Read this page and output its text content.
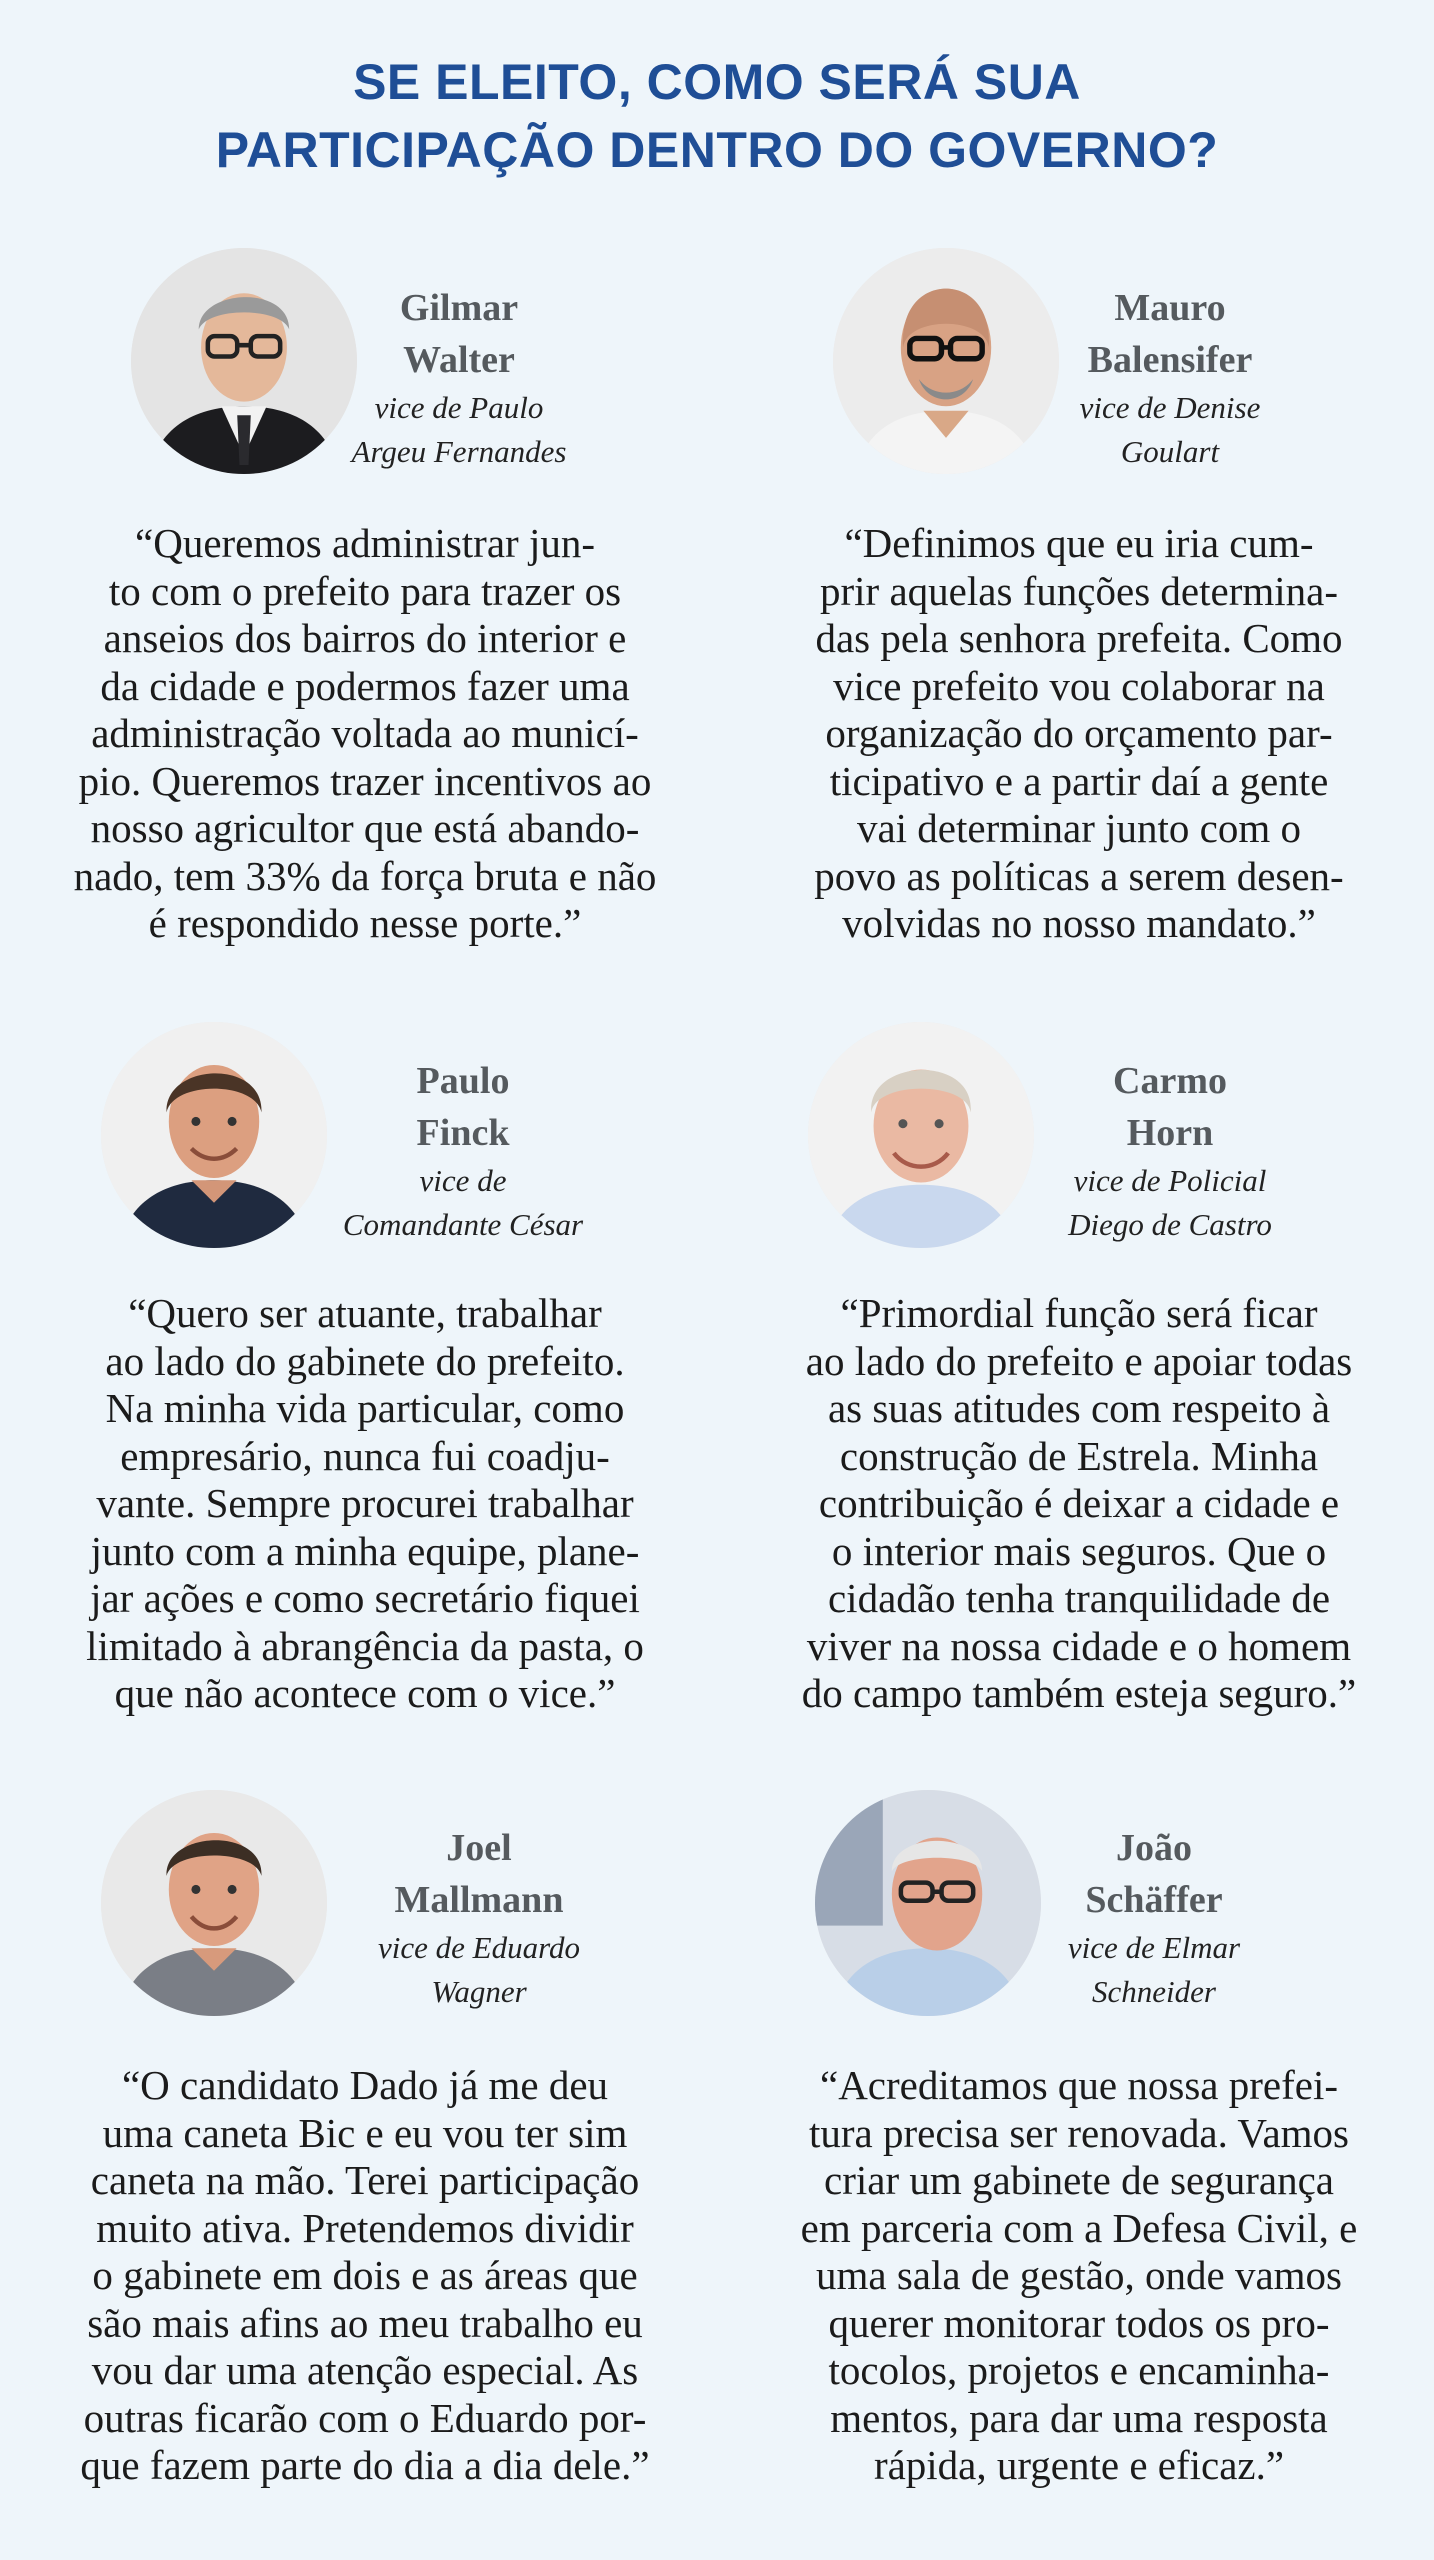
SE ELEITO, COMO SERÁ SUA
PARTICIPAÇÃO DENTRO DO GOVERNO?
Gilmar
Walter
vice de Paulo
Argeu Fernandes
“Queremos administrar jun-
to com o prefeito para trazer os
anseios dos bairros do interior e
da cidade e podermos fazer uma
administração voltada ao municí-
pio. Queremos trazer incentivos ao
nosso agricultor que está abando-
nado, tem 33% da força bruta e não
é respondido nesse porte.”
Mauro
Balensifer
vice de Denise
Goulart
“Definimos que eu iria cum-
prir aquelas funções determina-
das pela senhora prefeita. Como
vice prefeito vou colaborar na
organização do orçamento par-
ticipativo e a partir daí a gente
vai determinar junto com o
povo as políticas a serem desen-
volvidas no nosso mandato.”
Paulo
Finck
vice de
Comandante César
“Quero ser atuante, trabalhar
ao lado do gabinete do prefeito.
Na minha vida particular, como
empresário, nunca fui coadju-
vante. Sempre procurei trabalhar
junto com a minha equipe, plane-
jar ações e como secretário fiquei
limitado à abrangência da pasta, o
que não acontece com o vice.”
Carmo
Horn
vice de Policial
Diego de Castro
“Primordial função será ficar
ao lado do prefeito e apoiar todas
as suas atitudes com respeito à
construção de Estrela. Minha
contribuição é deixar a cidade e
o interior mais seguros. Que o
cidadão tenha tranquilidade de
viver na nossa cidade e o homem
do campo também esteja seguro.”
Joel
Mallmann
vice de Eduardo
Wagner
“O candidato Dado já me deu
uma caneta Bic e eu vou ter sim
caneta na mão. Terei participação
muito ativa. Pretendemos dividir
o gabinete em dois e as áreas que
são mais afins ao meu trabalho eu
vou dar uma atenção especial. As
outras ficarão com o Eduardo por-
que fazem parte do dia a dia dele.”
João
Schäffer
vice de Elmar
Schneider
“Acreditamos que nossa prefei-
tura precisa ser renovada. Vamos
criar um gabinete de segurança
em parceria com a Defesa Civil, e
uma sala de gestão, onde vamos
querer monitorar todos os pro-
tocolos, projetos e encaminha-
mentos, para dar uma resposta
rápida, urgente e eficaz.”
